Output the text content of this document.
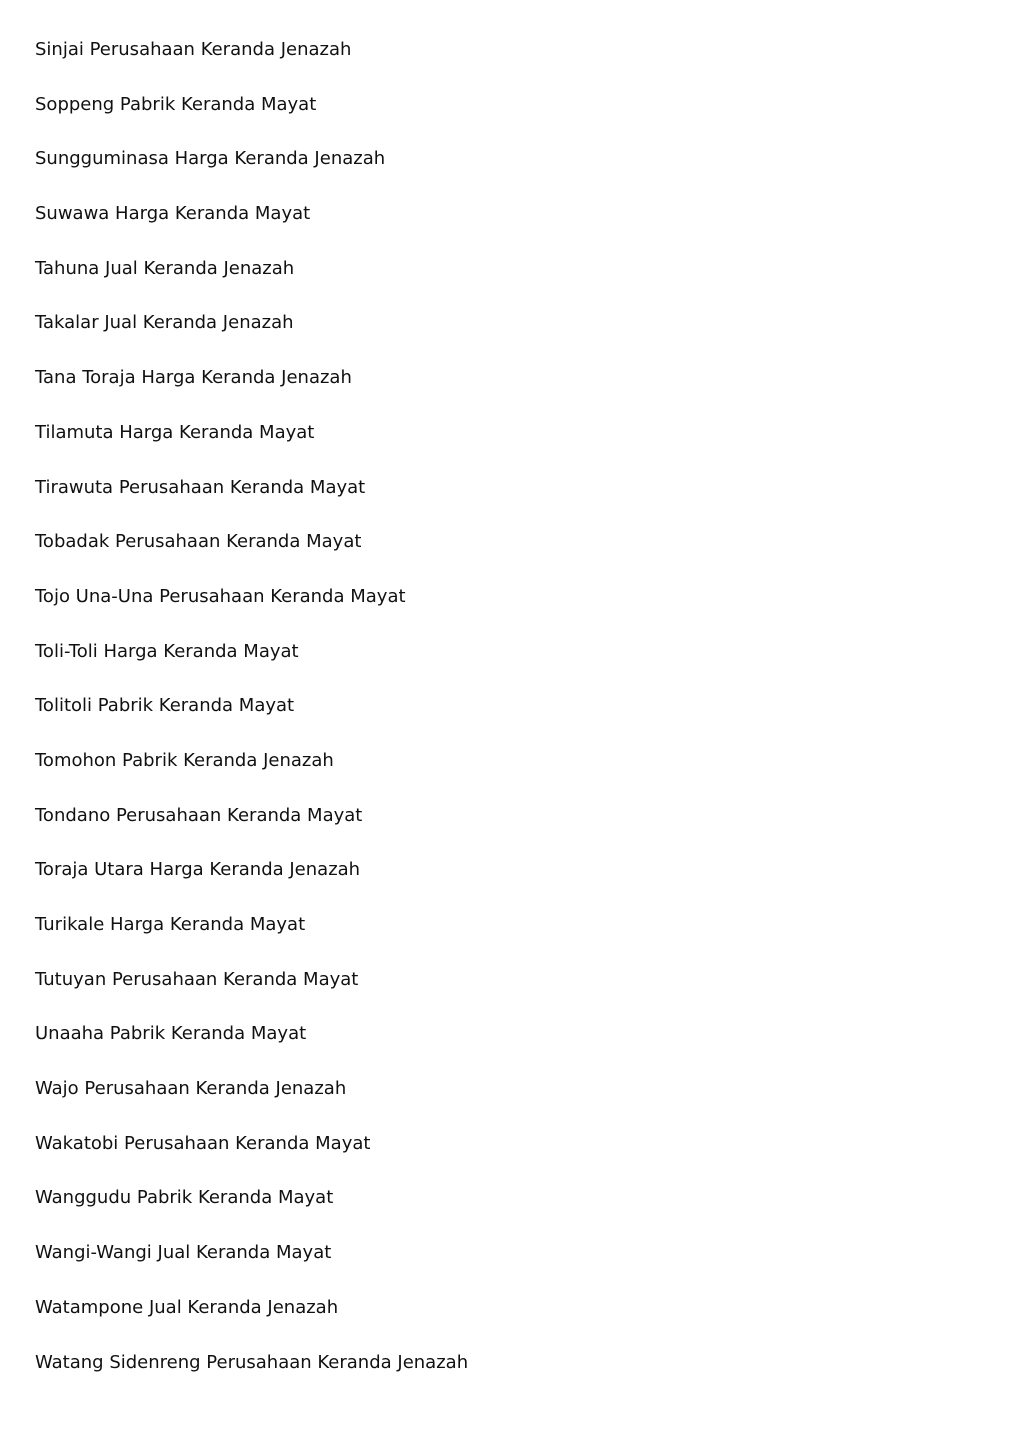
Sinjai Perusahaan Keranda Jenazah
Soppeng Pabrik Keranda Mayat
Sungguminasa Harga Keranda Jenazah
Suwawa Harga Keranda Mayat
Tahuna Jual Keranda Jenazah
Takalar Jual Keranda Jenazah
Tana Toraja Harga Keranda Jenazah
Tilamuta Harga Keranda Mayat
Tirawuta Perusahaan Keranda Mayat
Tobadak Perusahaan Keranda Mayat
Tojo Una-Una Perusahaan Keranda Mayat
Toli-Toli Harga Keranda Mayat
Tolitoli Pabrik Keranda Mayat
Tomohon Pabrik Keranda Jenazah
Tondano Perusahaan Keranda Mayat
Toraja Utara Harga Keranda Jenazah
Turikale Harga Keranda Mayat
Tutuyan Perusahaan Keranda Mayat
Unaaha Pabrik Keranda Mayat
Wajo Perusahaan Keranda Jenazah
Wakatobi Perusahaan Keranda Mayat
Wanggudu Pabrik Keranda Mayat
Wangi-Wangi Jual Keranda Mayat
Watampone Jual Keranda Jenazah
Watang Sidenreng Perusahaan Keranda Jenazah
